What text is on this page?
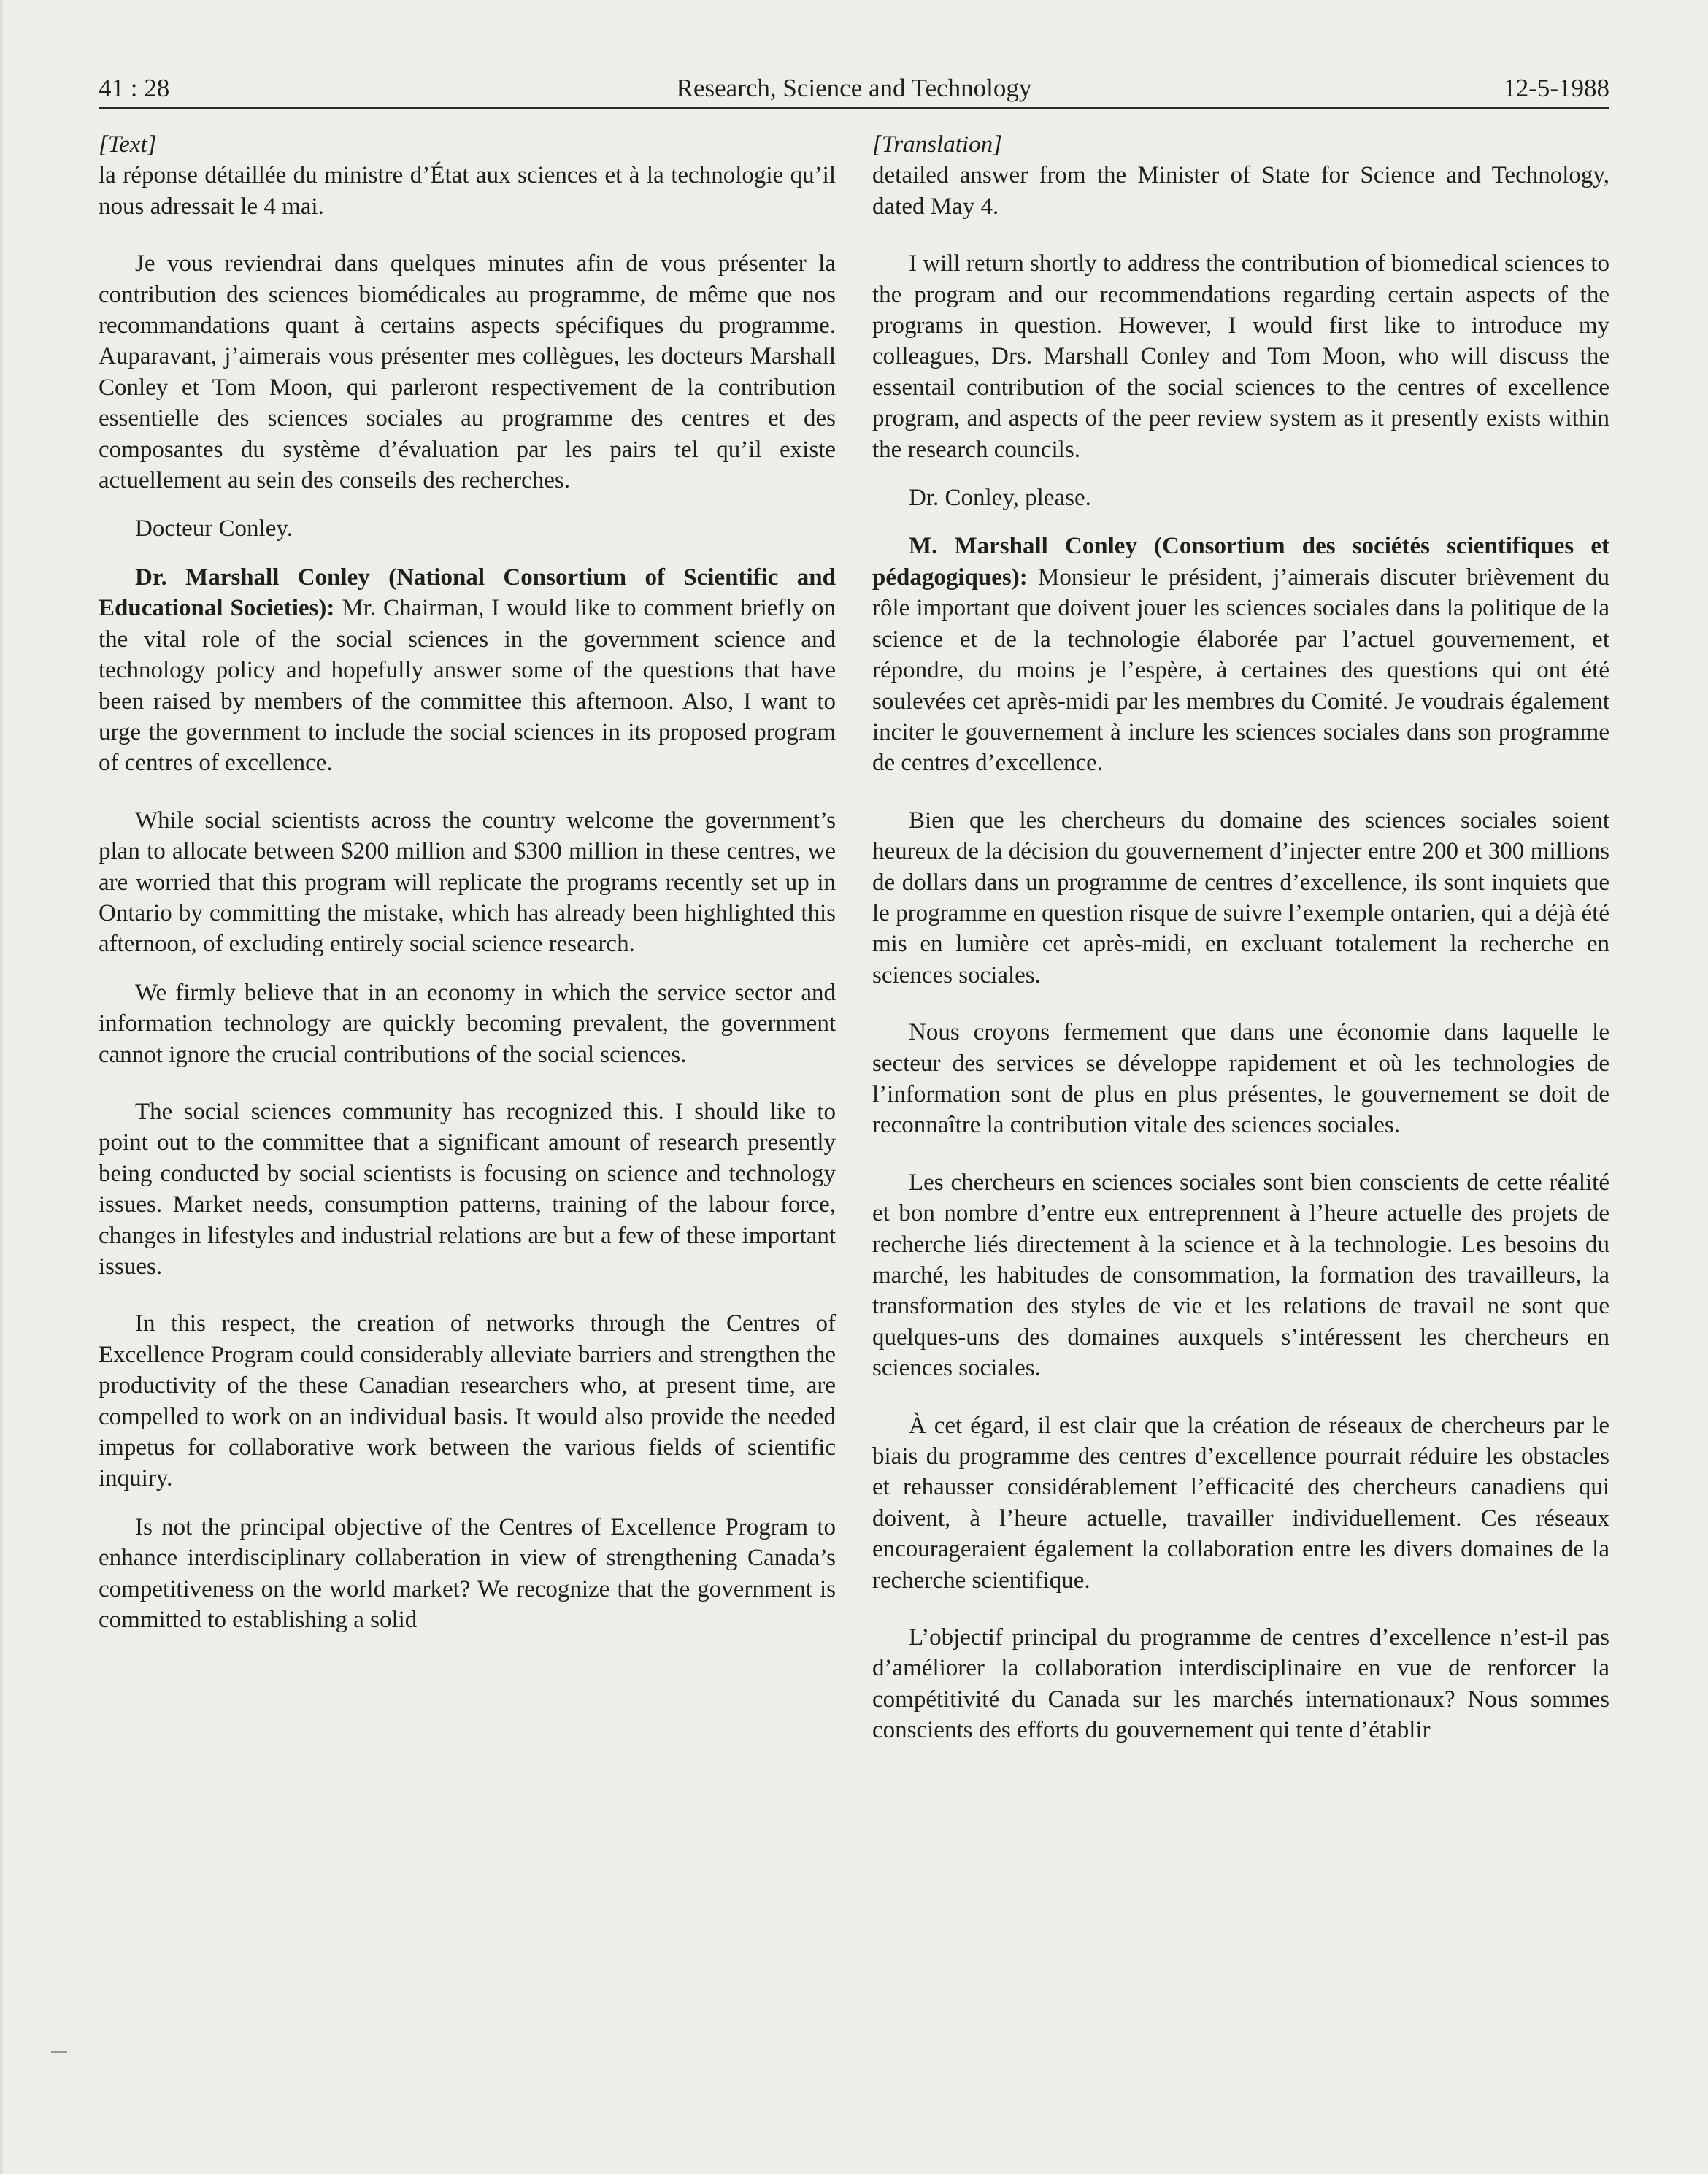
41 : 28	Research, Science and Technology	12-5-1988

[Text]

la réponse détaillée du ministre d’État aux sciences et à la technologie qu’il nous adressait le 4 mai.

Je vous reviendrai dans quelques minutes afin de vous présenter la contribution des sciences biomédicales au programme, de même que nos recommandations quant à certains aspects spécifiques du programme. Auparavant, j’aimerais vous présenter mes collègues, les docteurs Marshall Conley et Tom Moon, qui parleront respectivement de la contribution essentielle des sciences sociales au programme des centres et des composantes du système d’évaluation par les pairs tel qu’il existe actuellement au sein des conseils des recherches.

Docteur Conley.

Dr. Marshall Conley (National Consortium of Scientific and Educational Societies): Mr. Chairman, I would like to comment briefly on the vital role of the social sciences in the government science and technology policy and hopefully answer some of the questions that have been raised by members of the committee this afternoon. Also, I want to urge the government to include the social sciences in its proposed program of centres of excellence.

While social scientists across the country welcome the government’s plan to allocate between $200 million and $300 million in these centres, we are worried that this program will replicate the programs recently set up in Ontario by committing the mistake, which has already been highlighted this afternoon, of excluding entirely social science research.

We firmly believe that in an economy in which the service sector and information technology are quickly becoming prevalent, the government cannot ignore the crucial contributions of the social sciences.

The social sciences community has recognized this. I should like to point out to the committee that a significant amount of research presently being conducted by social scientists is focusing on science and technology issues. Market needs, consumption patterns, training of the labour force, changes in lifestyles and industrial relations are but a few of these important issues.

In this respect, the creation of networks through the Centres of Excellence Program could considerably alleviate barriers and strengthen the productivity of the these Canadian researchers who, at present time, are compelled to work on an individual basis. It would also provide the needed impetus for collaborative work between the various fields of scientific inquiry.

Is not the principal objective of the Centres of Excellence Program to enhance interdisciplinary collaberation in view of strengthening Canada’s competitiveness on the world market? We recognize that the government is committed to establishing a solid

[Translation]

detailed answer from the Minister of State for Science and Technology, dated May 4.

I will return shortly to address the contribution of biomedical sciences to the program and our recommendations regarding certain aspects of the programs in question. However, I would first like to introduce my colleagues, Drs. Marshall Conley and Tom Moon, who will discuss the essentail contribution of the social sciences to the centres of excellence program, and aspects of the peer review system as it presently exists within the research councils.

Dr. Conley, please.

M. Marshall Conley (Consortium des sociétés scientifiques et pédagogiques): Monsieur le président, j’aimerais discuter brièvement du rôle important que doivent jouer les sciences sociales dans la politique de la science et de la technologie élaborée par l’actuel gouvernement, et répondre, du moins je l’espère, à certaines des questions qui ont été soulevées cet après-midi par les membres du Comité. Je voudrais également inciter le gouvernement à inclure les sciences sociales dans son programme de centres d’excellence.

Bien que les chercheurs du domaine des sciences sociales soient heureux de la décision du gouvernement d’injecter entre 200 et 300 millions de dollars dans un programme de centres d’excellence, ils sont inquiets que le programme en question risque de suivre l’exemple ontarien, qui a déjà été mis en lumière cet après-midi, en excluant totalement la recherche en sciences sociales.

Nous croyons fermement que dans une économie dans laquelle le secteur des services se développe rapidement et où les technologies de l’information sont de plus en plus présentes, le gouvernement se doit de reconnaître la contribution vitale des sciences sociales.

Les chercheurs en sciences sociales sont bien conscients de cette réalité et bon nombre d’entre eux entreprennent à l’heure actuelle des projets de recherche liés directement à la science et à la technologie. Les besoins du marché, les habitudes de consommation, la formation des travailleurs, la transformation des styles de vie et les relations de travail ne sont que quelques-uns des domaines auxquels s’intéressent les chercheurs en sciences sociales.

À cet égard, il est clair que la création de réseaux de chercheurs par le biais du programme des centres d’excellence pourrait réduire les obstacles et rehausser considérablement l’efficacité des chercheurs canadiens qui doivent, à l’heure actuelle, travailler individuellement. Ces réseaux encourageraient également la collaboration entre les divers domaines de la recherche scientifique.

L’objectif principal du programme de centres d’excellence n’est-il pas d’améliorer la collaboration interdisciplinaire en vue de renforcer la compétitivité du Canada sur les marchés internationaux? Nous sommes conscients des efforts du gouvernement qui tente d’établir
